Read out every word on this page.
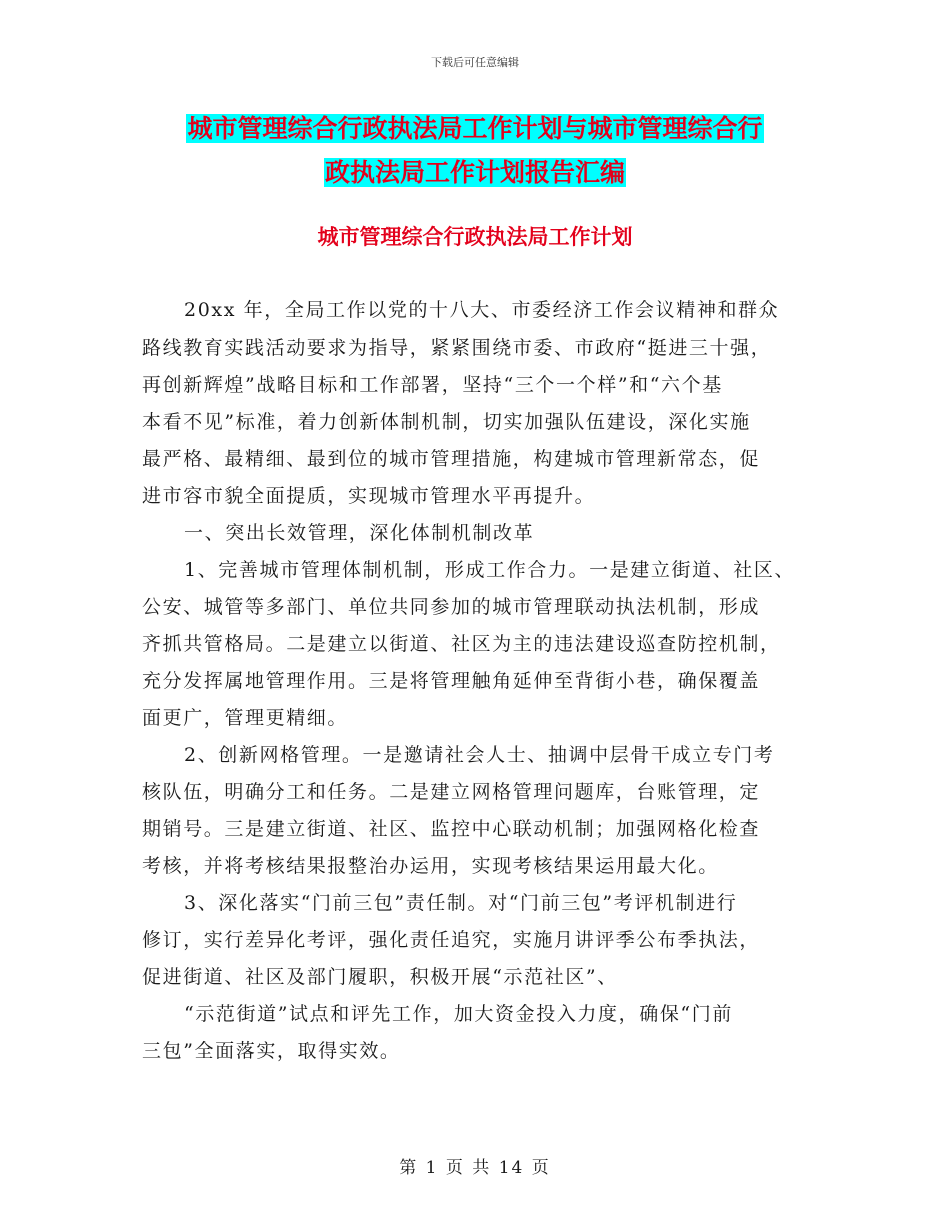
下载后可任意编辑
城市管理综合行政执法局工作计划与城市管理综合行
政执法局工作计划报告汇编
城市管理综合行政执法局工作计划
20xx 年，全局工作以党的十八大、市委经济工作会议精神和群众
路线教育实践活动要求为指导，紧紧围绕市委、市政府“挺进三十强，
再创新辉煌”战略目标和工作部署，坚持“三个一个样”和“六个基
本看不见”标准，着力创新体制机制，切实加强队伍建设，深化实施
最严格、最精细、最到位的城市管理措施，构建城市管理新常态，促
进市容市貌全面提质，实现城市管理水平再提升。
一、突出长效管理，深化体制机制改革
1、完善城市管理体制机制，形成工作合力。一是建立街道、社区、
公安、城管等多部门、单位共同参加的城市管理联动执法机制，形成
齐抓共管格局。二是建立以街道、社区为主的违法建设巡查防控机制，
充分发挥属地管理作用。三是将管理触角延伸至背街小巷，确保覆盖
面更广，管理更精细。
2、创新网格管理。一是邀请社会人士、抽调中层骨干成立专门考
核队伍，明确分工和任务。二是建立网格管理问题库，台账管理，定
期销号。三是建立街道、社区、监控中心联动机制；加强网格化检查
考核，并将考核结果报整治办运用，实现考核结果运用最大化。
3、深化落实“门前三包”责任制。对“门前三包”考评机制进行
修订，实行差异化考评，强化责任追究，实施月讲评季公布季执法，
促进街道、社区及部门履职，积极开展“示范社区”、
“示范街道”试点和评先工作，加大资金投入力度，确保“门前
三包”全面落实，取得实效。
第 1 页 共 14 页
